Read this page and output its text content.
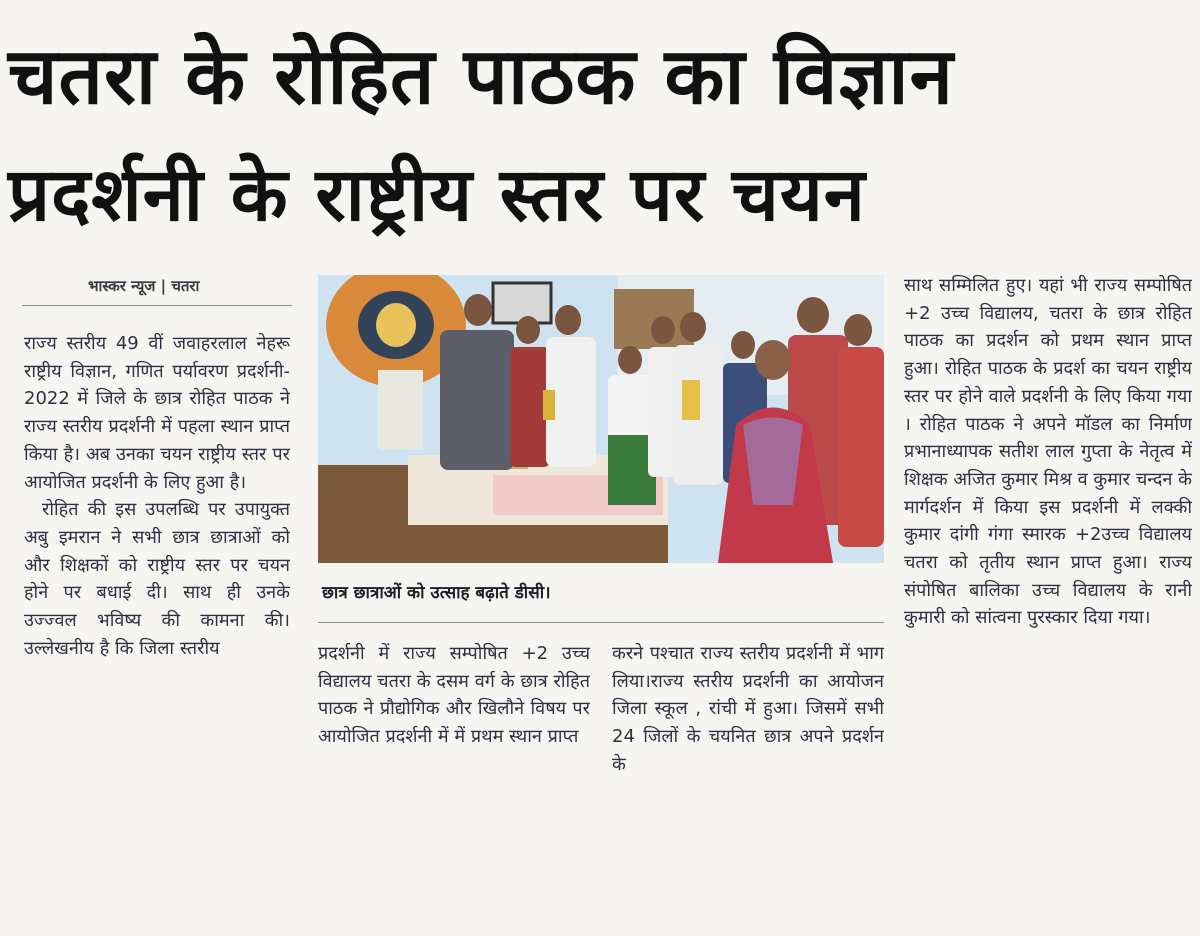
चतरा के रोहित पाठक का विज्ञान
प्रदर्शनी के राष्ट्रीय स्तर पर चयन
भास्कर न्यूज | चतरा

राज्य स्तरीय 49 वीं जवाहरलाल नेहरू राष्ट्रीय विज्ञान, गणित पर्यावरण प्रदर्शनी- 2022 में जिले के छात्र रोहित पाठक ने राज्य स्तरीय प्रदर्शनी में पहला स्थान प्राप्त किया है। अब उनका चयन राष्ट्रीय स्तर पर आयोजित प्रदर्शनी के लिए हुआ है।

रोहित की इस उपलब्धि पर उपायुक्त अबु इमरान ने सभी छात्र छात्राओं को और शिक्षकों को राष्ट्रीय स्तर पर चयन होने पर बधाई दी। साथ ही उनके उज्ज्वल भविष्य की कामना की। उल्लेखनीय है कि जिला स्तरीय

छात्र छात्राओं को उत्साह बढ़ाते डीसी।

प्रदर्शनी में राज्य सम्पोषित +2 उच्च विद्यालय चतरा के दसम वर्ग के छात्र रोहित पाठक ने प्रौद्योगिक और खिलौने विषय पर आयोजित प्रदर्शनी में में प्रथम स्थान प्राप्त

करने पश्चात राज्य स्तरीय प्रदर्शनी में भाग लिया।राज्य स्तरीय प्रदर्शनी का आयोजन जिला स्कूल , रांची में हुआ। जिसमें सभी 24 जिलों के चयनित छात्र अपने प्रदर्शन के

साथ सम्मिलित हुए। यहां भी राज्य सम्पोषित +2 उच्च विद्यालय, चतरा के छात्र रोहित पाठक का प्रदर्शन को प्रथम स्थान प्राप्त हुआ। रोहित पाठक के प्रदर्श का चयन राष्ट्रीय स्तर पर होने वाले प्रदर्शनी के लिए किया गया । रोहित पाठक ने अपने मॉडल का निर्माण प्रभानाध्यापक सतीश लाल गुप्ता के नेतृत्व में शिक्षक अजित कुमार मिश्र व कुमार चन्दन के मार्गदर्शन में किया इस प्रदर्शनी में लक्की कुमार दांगी गंगा स्मारक +2उच्च विद्यालय चतरा को तृतीय स्थान प्राप्त हुआ। राज्य संपोषित बालिका उच्च विद्यालय के रानी कुमारी को सांत्वना पुरस्कार दिया गया।
